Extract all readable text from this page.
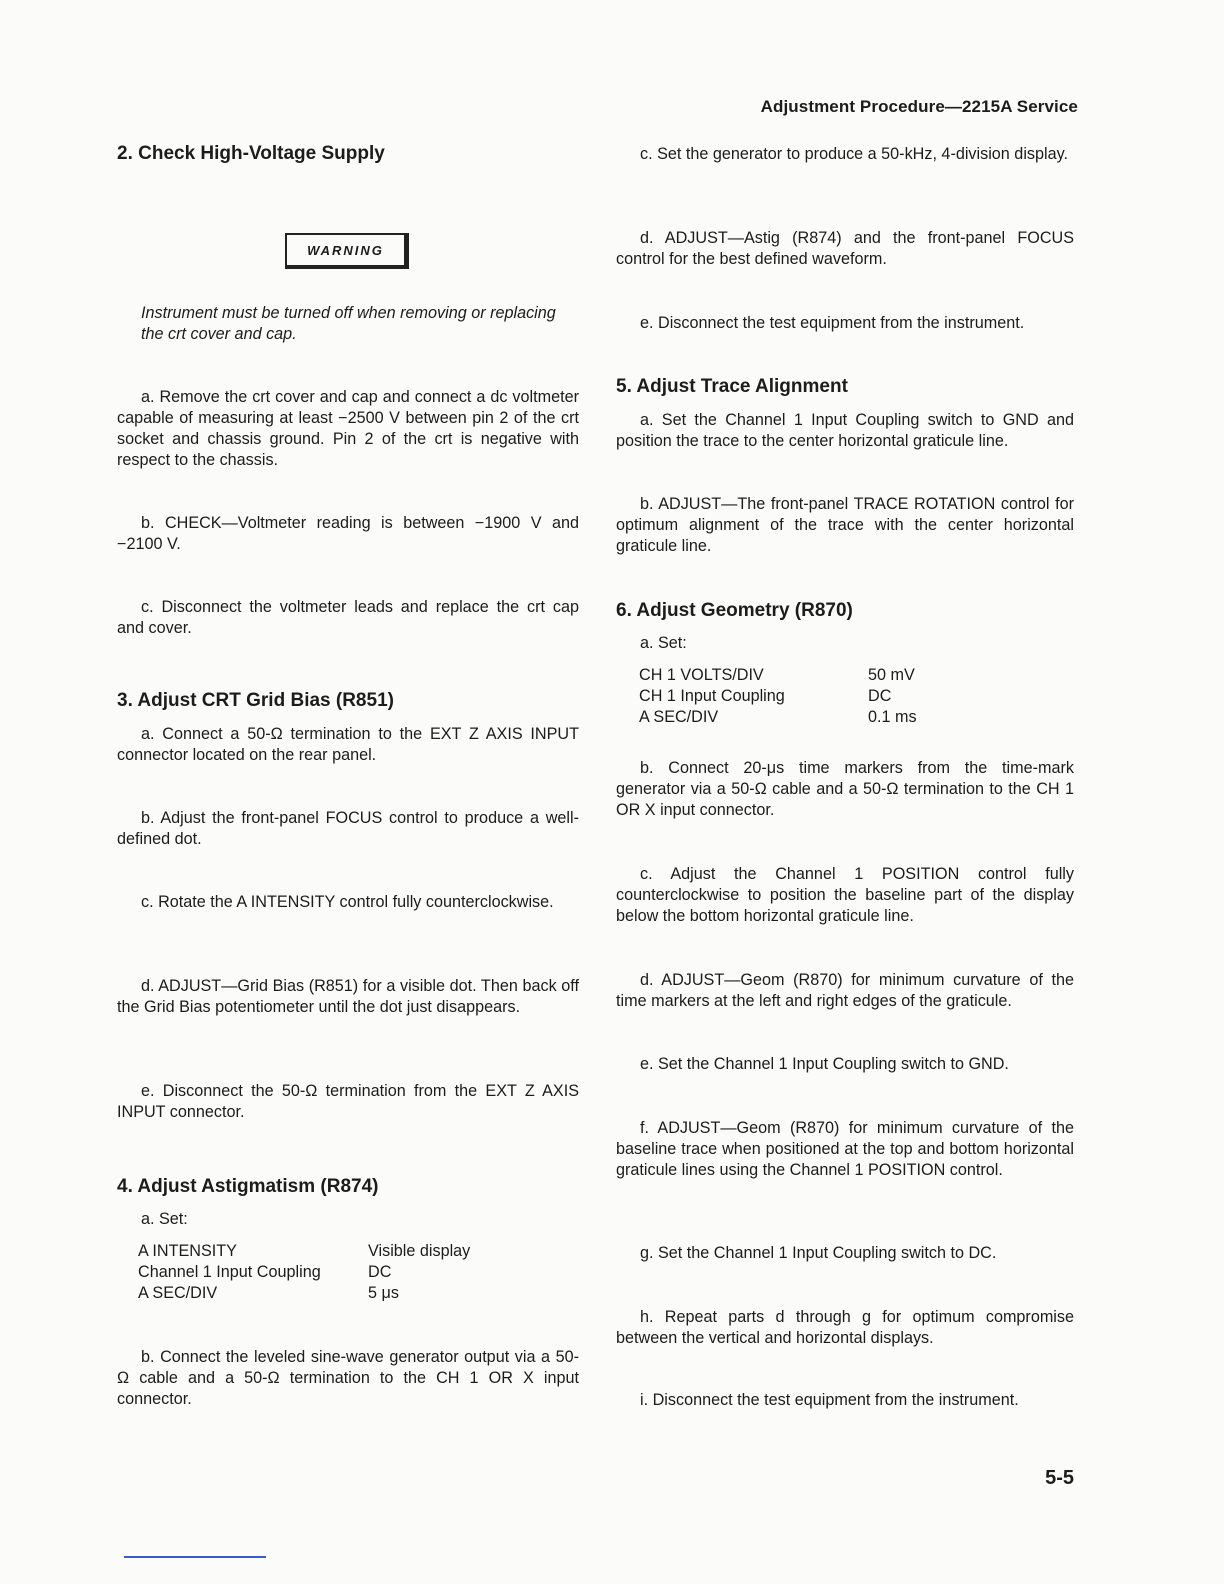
Adjustment Procedure—2215A Service
2. Check High-Voltage Supply
WARNING
Instrument must be turned off when removing or replacing the crt cover and cap.
a. Remove the crt cover and cap and connect a dc voltmeter capable of measuring at least −2500 V between pin 2 of the crt socket and chassis ground. Pin 2 of the crt is negative with respect to the chassis.
b. CHECK—Voltmeter reading is between −1900 V and −2100 V.
c. Disconnect the voltmeter leads and replace the crt cap and cover.
3. Adjust CRT Grid Bias (R851)
a. Connect a 50-Ω termination to the EXT Z AXIS INPUT connector located on the rear panel.
b. Adjust the front-panel FOCUS control to produce a well-defined dot.
c. Rotate the A INTENSITY control fully counterclockwise.
d. ADJUST—Grid Bias (R851) for a visible dot. Then back off the Grid Bias potentiometer until the dot just disappears.
e. Disconnect the 50-Ω termination from the EXT Z AXIS INPUT connector.
4. Adjust Astigmatism (R874)
a. Set:
A INTENSITY	Visible display
Channel 1 Input Coupling	DC
A SEC/DIV	5 μs
b. Connect the leveled sine-wave generator output via a 50-Ω cable and a 50-Ω termination to the CH 1 OR X input connector.
c. Set the generator to produce a 50-kHz, 4-division display.
d. ADJUST—Astig (R874) and the front-panel FOCUS control for the best defined waveform.
e. Disconnect the test equipment from the instrument.
5. Adjust Trace Alignment
a. Set the Channel 1 Input Coupling switch to GND and position the trace to the center horizontal graticule line.
b. ADJUST—The front-panel TRACE ROTATION control for optimum alignment of the trace with the center horizontal graticule line.
6. Adjust Geometry (R870)
a. Set:
CH 1 VOLTS/DIV	50 mV
CH 1 Input Coupling	DC
A SEC/DIV	0.1 ms
b. Connect 20-μs time markers from the time-mark generator via a 50-Ω cable and a 50-Ω termination to the CH 1 OR X input connector.
c. Adjust the Channel 1 POSITION control fully counterclockwise to position the baseline part of the display below the bottom horizontal graticule line.
d. ADJUST—Geom (R870) for minimum curvature of the time markers at the left and right edges of the graticule.
e. Set the Channel 1 Input Coupling switch to GND.
f. ADJUST—Geom (R870) for minimum curvature of the baseline trace when positioned at the top and bottom horizontal graticule lines using the Channel 1 POSITION control.
g. Set the Channel 1 Input Coupling switch to DC.
h. Repeat parts d through g for optimum compromise between the vertical and horizontal displays.
i. Disconnect the test equipment from the instrument.
5-5
